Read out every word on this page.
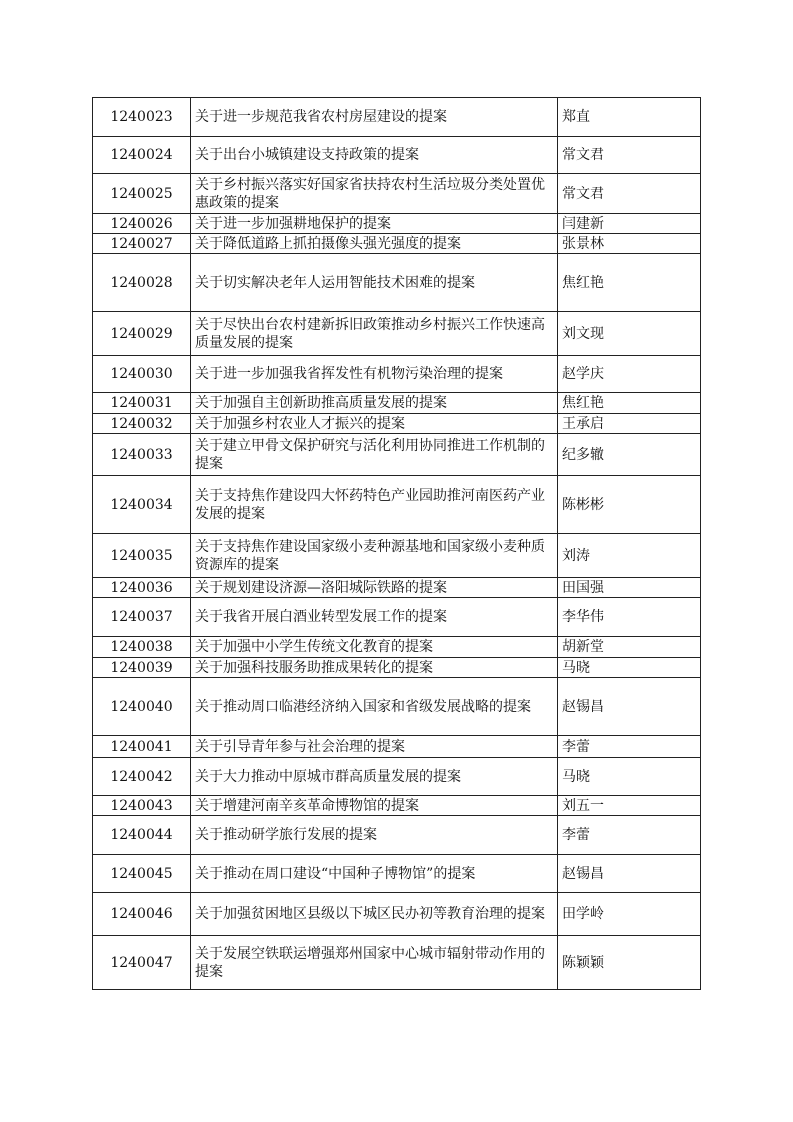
1240023	关于进一步规范我省农村房屋建设的提案	郑直
1240024	关于出台小城镇建设支持政策的提案	常文君
1240025	关于乡村振兴落实好国家省扶持农村生活垃圾分类处置优惠政策的提案	常文君
1240026	关于进一步加强耕地保护的提案	闫建新
1240027	关于降低道路上抓拍摄像头强光强度的提案	张景林
1240028	关于切实解决老年人运用智能技术困难的提案	焦红艳
1240029	关于尽快出台农村建新拆旧政策推动乡村振兴工作快速高质量发展的提案	刘文现
1240030	关于进一步加强我省挥发性有机物污染治理的提案	赵学庆
1240031	关于加强自主创新助推高质量发展的提案	焦红艳
1240032	关于加强乡村农业人才振兴的提案	王承启
1240033	关于建立甲骨文保护研究与活化利用协同推进工作机制的提案	纪多辙
1240034	关于支持焦作建设四大怀药特色产业园助推河南医药产业发展的提案	陈彬彬
1240035	关于支持焦作建设国家级小麦种源基地和国家级小麦种质资源库的提案	刘涛
1240036	关于规划建设济源—洛阳城际铁路的提案	田国强
1240037	关于我省开展白酒业转型发展工作的提案	李华伟
1240038	关于加强中小学生传统文化教育的提案	胡新堂
1240039	关于加强科技服务助推成果转化的提案	马晓
1240040	关于推动周口临港经济纳入国家和省级发展战略的提案	赵锡昌
1240041	关于引导青年参与社会治理的提案	李蕾
1240042	关于大力推动中原城市群高质量发展的提案	马晓
1240043	关于增建河南辛亥革命博物馆的提案	刘五一
1240044	关于推动研学旅行发展的提案	李蕾
1240045	关于推动在周口建设“中国种子博物馆”的提案	赵锡昌
1240046	关于加强贫困地区县级以下城区民办初等教育治理的提案	田学岭
1240047	关于发展空铁联运增强郑州国家中心城市辐射带动作用的提案	陈颖颖
